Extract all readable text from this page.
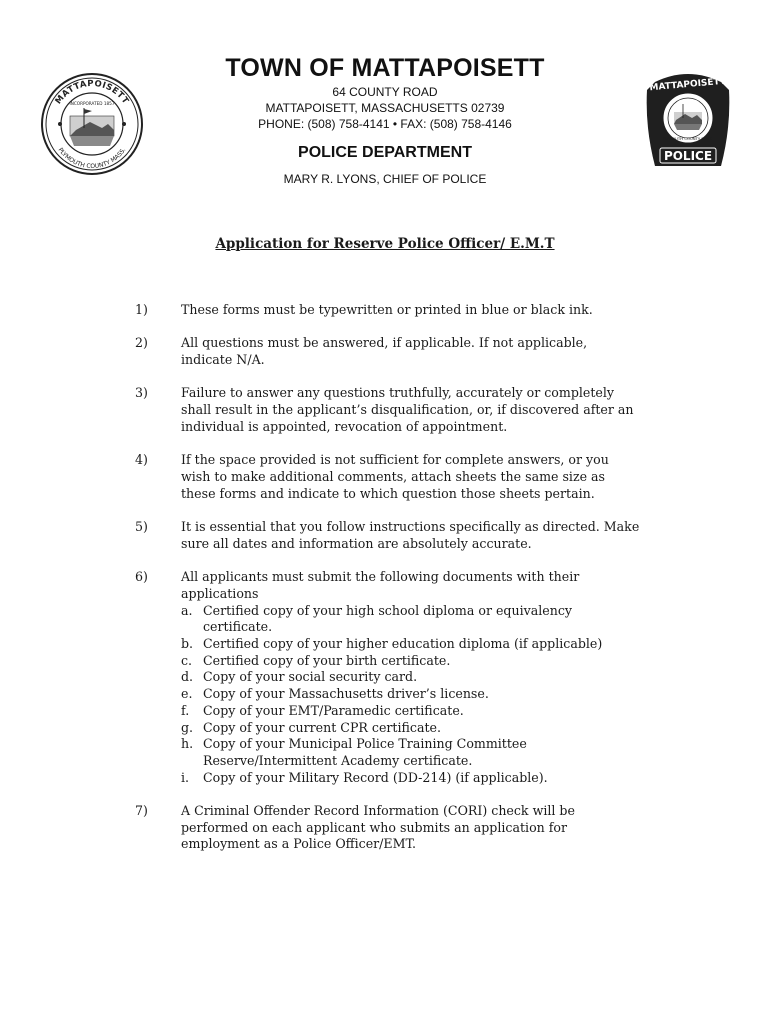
MATTAPOISETT
PLYMOUTH COUNTY MASS.
INCORPORATED 1857
MATTAPOISETT
PLYMOUTH COUNTY MASS.
POLICE
TOWN OF MATTAPOISETT
64 COUNTY ROAD
MATTAPOISETT, MASSACHUSETTS 02739
PHONE: (508) 758-4141 • FAX: (508) 758-4146
POLICE DEPARTMENT
MARY R. LYONS, CHIEF OF POLICE
Application for Reserve Police Officer/ E.M.T
1)	These forms must be typewritten or printed in blue or black ink.
2)	All questions must be answered, if applicable. If not applicable, indicate N/A.
3)	Failure to answer any questions truthfully, accurately or completely shall result in the applicant’s disqualification, or, if discovered after an individual is appointed, revocation of appointment.
4)	If the space provided is not sufficient for complete answers, or you wish to make additional comments, attach sheets the same size as these forms and indicate to which question those sheets pertain.
5)	It is essential that you follow instructions specifically as directed. Make sure all dates and information are absolutely accurate.
6)	All applicants must submit the following documents with their applications
a. Certified copy of your high school diploma or equivalency certificate.
b. Certified copy of your higher education diploma (if applicable)
c. Certified copy of your birth certificate.
d. Copy of your social security card.
e. Copy of your Massachusetts driver’s license.
f. Copy of your EMT/Paramedic certificate.
g. Copy of your current CPR certificate.
h. Copy of your Municipal Police Training Committee Reserve/Intermittent Academy certificate.
i. Copy of your Military Record (DD-214) (if applicable).
7)	A Criminal Offender Record Information (CORI) check will be performed on each applicant who submits an application for employment as a Police Officer/EMT.
